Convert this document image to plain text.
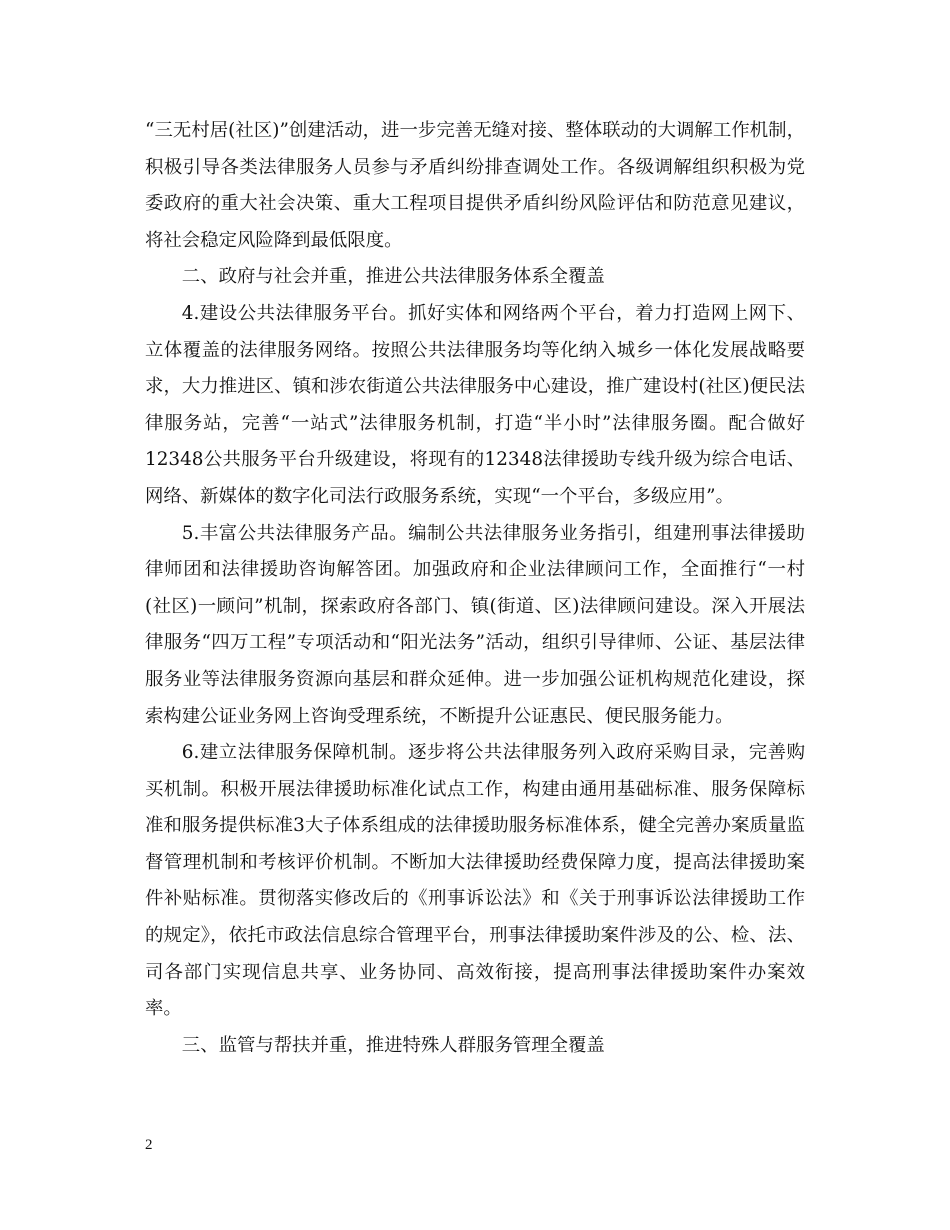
“三无村居(社区)”创建活动，进一步完善无缝对接、整体联动的大调解工作机制，积极引导各类法律服务人员参与矛盾纠纷排查调处工作。各级调解组织积极为党委政府的重大社会决策、重大工程项目提供矛盾纠纷风险评估和防范意见建议，将社会稳定风险降到最低限度。

二、政府与社会并重，推进公共法律服务体系全覆盖

4.建设公共法律服务平台。抓好实体和网络两个平台，着力打造网上网下、立体覆盖的法律服务网络。按照公共法律服务均等化纳入城乡一体化发展战略要求，大力推进区、镇和涉农街道公共法律服务中心建设，推广建设村(社区)便民法律服务站，完善“一站式”法律服务机制，打造“半小时”法律服务圈。配合做好12348公共服务平台升级建设，将现有的12348法律援助专线升级为综合电话、网络、新媒体的数字化司法行政服务系统，实现“一个平台，多级应用”。

5.丰富公共法律服务产品。编制公共法律服务业务指引，组建刑事法律援助律师团和法律援助咨询解答团。加强政府和企业法律顾问工作，全面推行“一村(社区)一顾问”机制，探索政府各部门、镇(街道、区)法律顾问建设。深入开展法律服务“四万工程”专项活动和“阳光法务”活动，组织引导律师、公证、基层法律服务业等法律服务资源向基层和群众延伸。进一步加强公证机构规范化建设，探索构建公证业务网上咨询受理系统，不断提升公证惠民、便民服务能力。

6.建立法律服务保障机制。逐步将公共法律服务列入政府采购目录，完善购买机制。积极开展法律援助标准化试点工作，构建由通用基础标准、服务保障标准和服务提供标准3大子体系组成的法律援助服务标准体系，健全完善办案质量监督管理机制和考核评价机制。不断加大法律援助经费保障力度，提高法律援助案件补贴标准。贯彻落实修改后的《刑事诉讼法》和《关于刑事诉讼法律援助工作的规定》，依托市政法信息综合管理平台，刑事法律援助案件涉及的公、检、法、司各部门实现信息共享、业务协同、高效衔接，提高刑事法律援助案件办案效率。

三、监管与帮扶并重，推进特殊人群服务管理全覆盖

2
